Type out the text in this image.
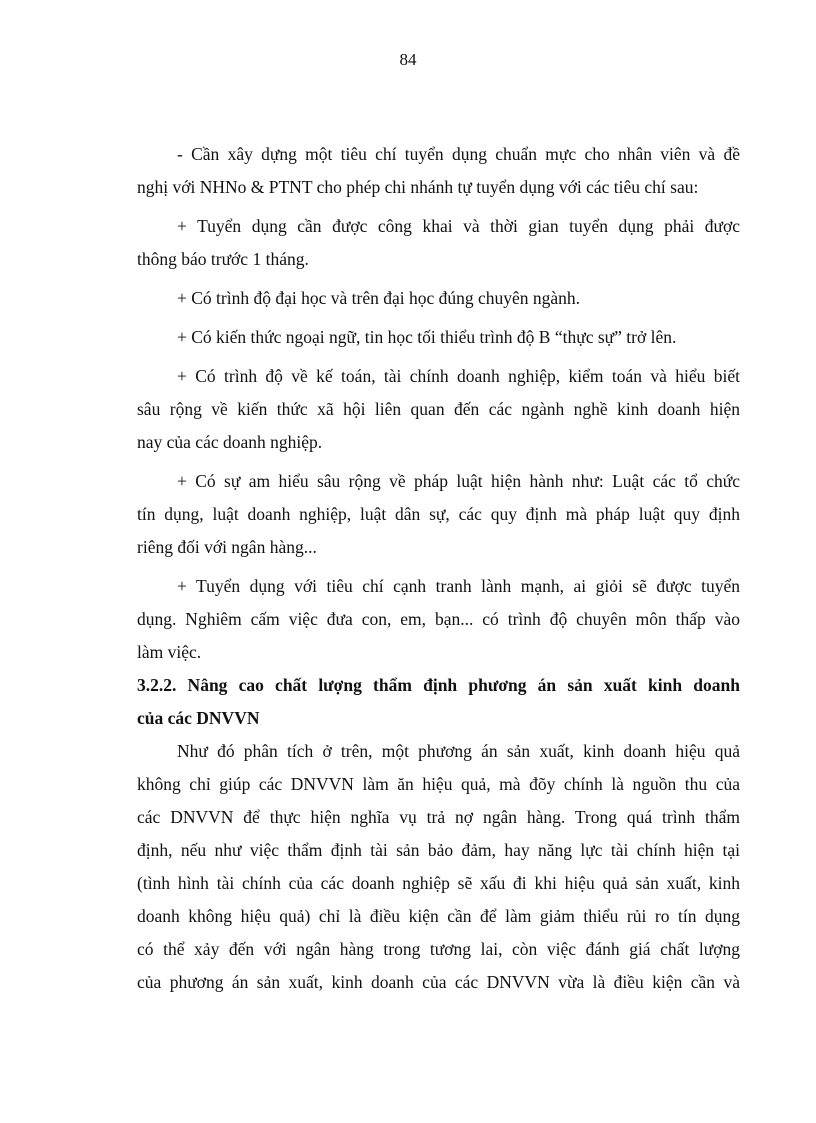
84
- Cần xây dựng một tiêu chí tuyển dụng chuẩn mực cho nhân viên và đề
nghị với NHNo & PTNT cho phép chi nhánh tự tuyển dụng với các tiêu chí sau:
+ Tuyển dụng cần được công khai và thời gian tuyển dụng phải được
thông báo trước 1 tháng.
+ Có trình độ đại học và trên đại học đúng chuyên ngành.
+ Có kiến thức ngoại ngữ, tin học tối thiểu trình độ B “thực sự” trở lên.
+ Có trình độ về kế toán, tài chính doanh nghiệp, kiểm toán và hiểu biết
sâu rộng về kiến thức xã hội liên quan đến các ngành nghề kinh doanh hiện
nay của các doanh nghiệp.
+ Có sự am hiểu sâu rộng về pháp luật hiện hành như: Luật các tổ chức
tín dụng, luật doanh nghiệp, luật dân sự, các quy định mà pháp luật quy định
riêng đối với ngân hàng...
+ Tuyển dụng với tiêu chí cạnh tranh lành mạnh, ai giỏi sẽ được tuyển
dụng. Nghiêm cấm việc đưa con, em, bạn... có trình độ chuyên môn thấp vào
làm việc.
3.2.2. Nâng cao chất lượng thẩm định phương án sản xuất kinh doanh
của các DNVVN
Như đó phân tích ở trên, một phương án sản xuất, kinh doanh hiệu quả
không chỉ giúp các DNVVN làm ăn hiệu quả, mà đõy chính là nguồn thu của
các DNVVN để thực hiện nghĩa vụ trả nợ ngân hàng. Trong quá trình thẩm
định, nếu như việc thẩm định tài sản bảo đảm, hay năng lực tài chính hiện tại
(tình hình tài chính của các doanh nghiệp sẽ xấu đi khi hiệu quả sản xuất, kinh
doanh không hiệu quả) chỉ là điều kiện cần để làm giảm thiểu rủi ro tín dụng
có thể xảy đến với ngân hàng trong tương lai, còn việc đánh giá chất lượng
của phương án sản xuất, kinh doanh của các DNVVN vừa là điều kiện cần và
